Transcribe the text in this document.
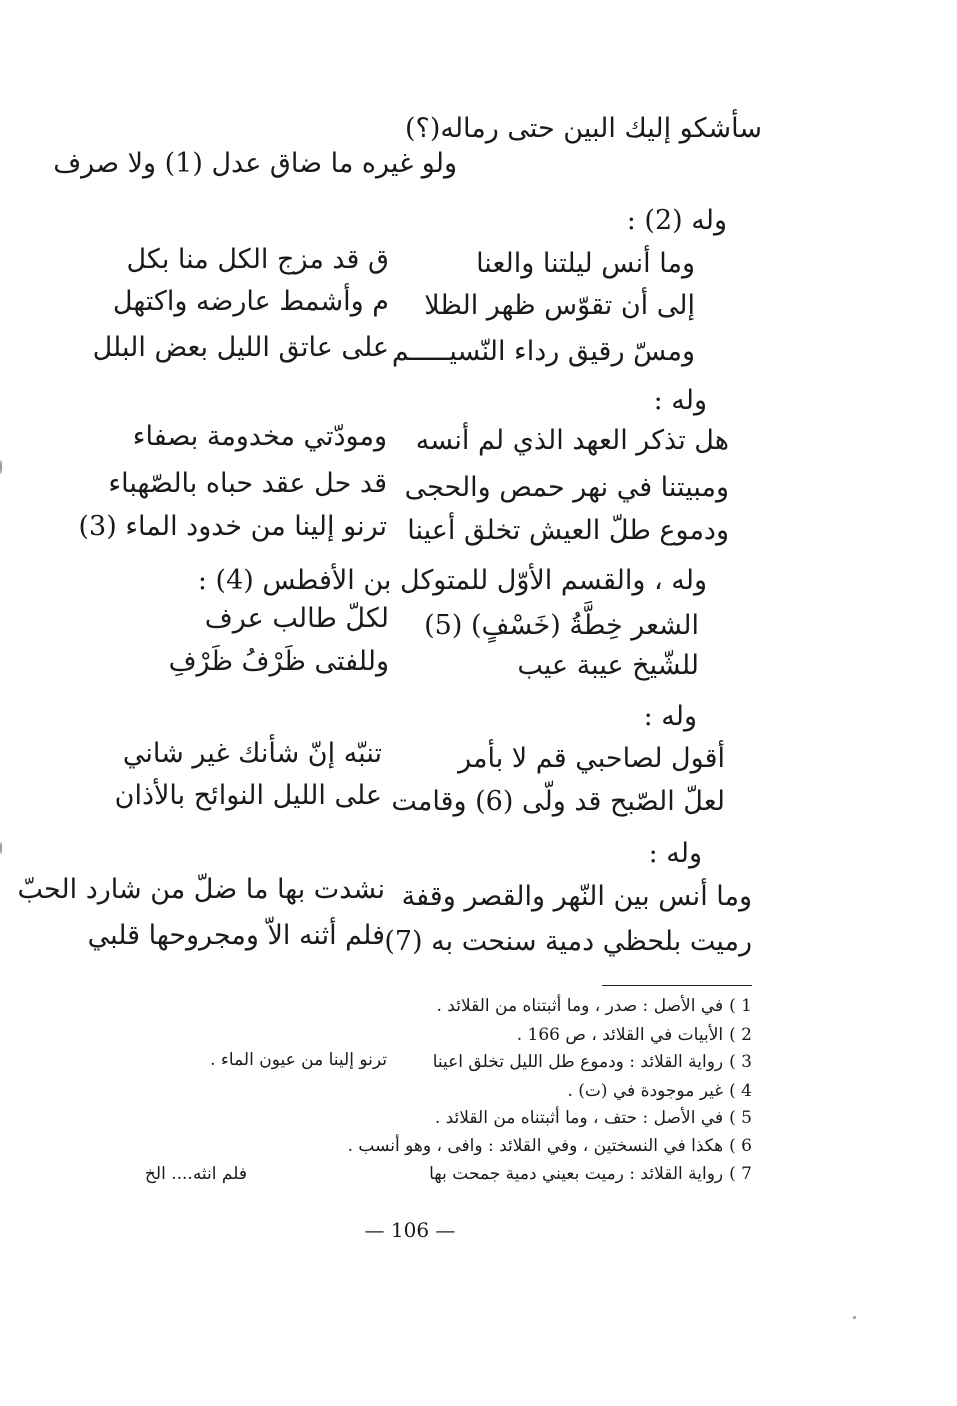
سأشكو إليك البين حتى رماله(؟)
ولو غيره ما ضاق عدل (1) ولا صرف
وله (2) :
وما أنس ليلتنا والعنا
ق قد مزج الكل منا بكل
إلى أن تقوّس ظهر الظلا
م وأشمط عارضه واكتهل
ومسّ رقيق رداء النّسيـــــم
على عاتق الليل بعض البلل
وله :
هل تذكر العهد الذي لم أنسه
ومودّتي مخدومة بصفاء
ومبيتنا في نهر حمص والحجى
قد حل عقد حباه بالصّهباء
ودموع طلّ العيش تخلق أعينا
ترنو إلينا من خدود الماء (3)
وله ، والقسم الأوّل للمتوكل بن الأفطس (4) :
الشعر خِطَّةُ (خَسْفٍ) (5)
لكلّ طالب عرف
للشّيخ عيبة عيب
وللفتى ظَرْفُ ظَرْفِ
وله :
أقول لصاحبي قم لا بأمر
تنبّه إنّ شأنك غير شاني
لعلّ الصّبح قد ولّى (6) وقامت
على الليل النوائح بالأذان
وله :
وما أنس بين النّهر والقصر وقفة
نشدت بها ما ضلّ من شارد الحبّ
رميت بلحظي دمية سنحت به (7)
فلم أثنه الاّ ومجروحها قلبي
1 )في الأصل : صدر ، وما أثبتناه من القلائد .
2 )الأبيات في القلائد ، ص 166 .
3 )رواية القلائد : ودموع طل الليل تخلق اعينا
ترنو إلينا من عيون الماء .
4 )غير موجودة في (ت) .
5 )في الأصل : حتف ، وما أثبتناه من القلائد .
6 )هكذا في النسختين ، وفي القلائد : وافى ، وهو أنسب .
7 )رواية القلائد : رميت بعيني دمية جمحت بها
فلم انثه.... الخ
— 106 —
